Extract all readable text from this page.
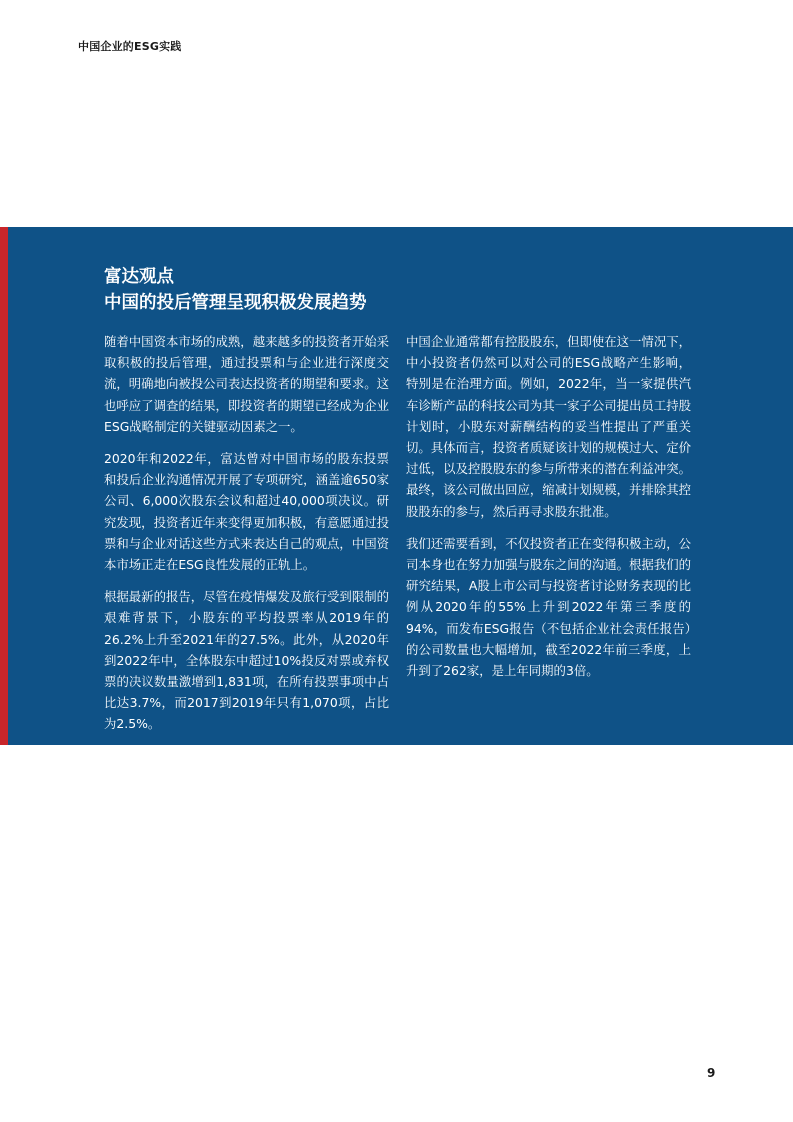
中国企业的ESG实践
富达观点
中国的投后管理呈现积极发展趋势

随着中国资本市场的成熟，越来越多的投资者开始采取积极的投后管理，通过投票和与企业进行深度交流，明确地向被投公司表达投资者的期望和要求。这也呼应了调查的结果，即投资者的期望已经成为企业ESG战略制定的关键驱动因素之一。

2020年和2022年，富达曾对中国市场的股东投票和投后企业沟通情况开展了专项研究，涵盖逾650家公司、6,000次股东会议和超过40,000项决议。研究发现，投资者近年来变得更加积极，有意愿通过投票和与企业对话这些方式来表达自己的观点，中国资本市场正走在ESG良性发展的正轨上。

根据最新的报告，尽管在疫情爆发及旅行受到限制的艰难背景下，小股东的平均投票率从2019年的26.2%上升至2021年的27.5%。此外，从2020年到2022年中，全体股东中超过10%投反对票或弃权票的决议数量激增到1,831项，在所有投票事项中占比达3.7%，而2017到2019年只有1,070项，占比为2.5%。

中国企业通常都有控股股东，但即使在这一情况下，中小投资者仍然可以对公司的ESG战略产生影响，特别是在治理方面。例如，2022年，当一家提供汽车诊断产品的科技公司为其一家子公司提出员工持股计划时，小股东对薪酬结构的妥当性提出了严重关切。具体而言，投资者质疑该计划的规模过大、定价过低，以及控股股东的参与所带来的潜在利益冲突。最终，该公司做出回应，缩减计划规模，并排除其控股股东的参与，然后再寻求股东批准。

我们还需要看到，不仅投资者正在变得积极主动，公司本身也在努力加强与股东之间的沟通。根据我们的研究结果，A股上市公司与投资者讨论财务表现的比例从2020年的55%上升到2022年第三季度的94%，而发布ESG报告（不包括企业社会责任报告）的公司数量也大幅增加，截至2022年前三季度，上升到了262家，是上年同期的3倍。

9
